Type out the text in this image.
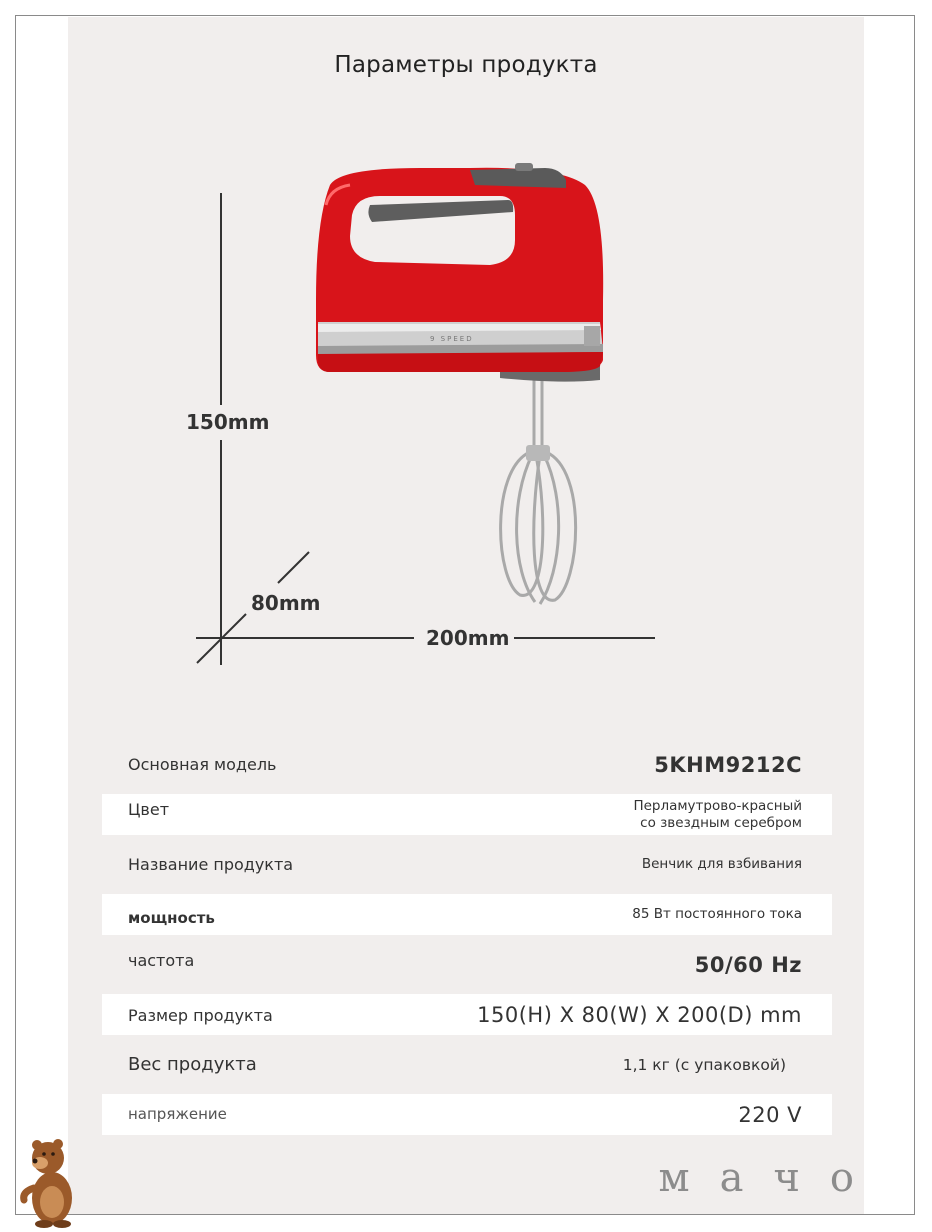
Параметры продукта
9 SPEED
150mm
80mm
200mm
Основная модель	5KHM9212C
Цвет	Перламутрово-красный
со звездным серебром
Название продукта	Венчик для взбивания
мощность	85 Вт постоянного тока
частота	50/60 Hz
Размер продукта	150(H) X 80(W) X 200(D) mm
Вес продукта	1,1 кг (с упаковкой)
напряжение	220 V
мачо
